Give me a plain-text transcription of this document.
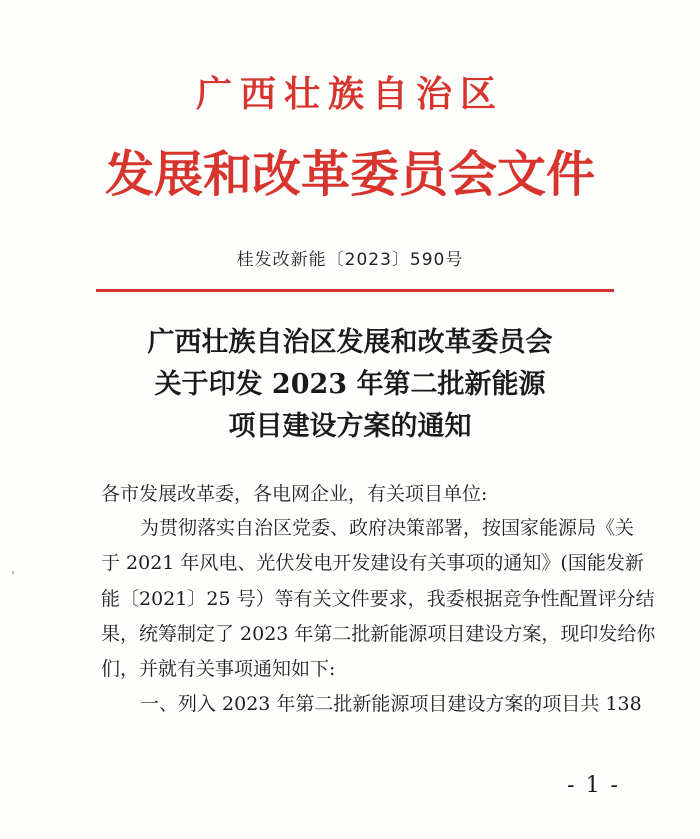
广西壮族自治区
发展和改革委员会文件
桂发改新能〔2023〕590号
广西壮族自治区发展和改革委员会
关于印发 2023 年第二批新能源
项目建设方案的通知
各市发展改革委，各电网企业，有关项目单位:
为贯彻落实自治区党委、政府决策部署，按国家能源局《关
于 2021 年风电、光伏发电开发建设有关事项的通知》(国能发新
能〔2021〕25 号）等有关文件要求，我委根据竞争性配置评分结
果，统筹制定了 2023 年第二批新能源项目建设方案，现印发给你
们，并就有关事项通知如下:
一、列入 2023 年第二批新能源项目建设方案的项目共 138
- 1 -
